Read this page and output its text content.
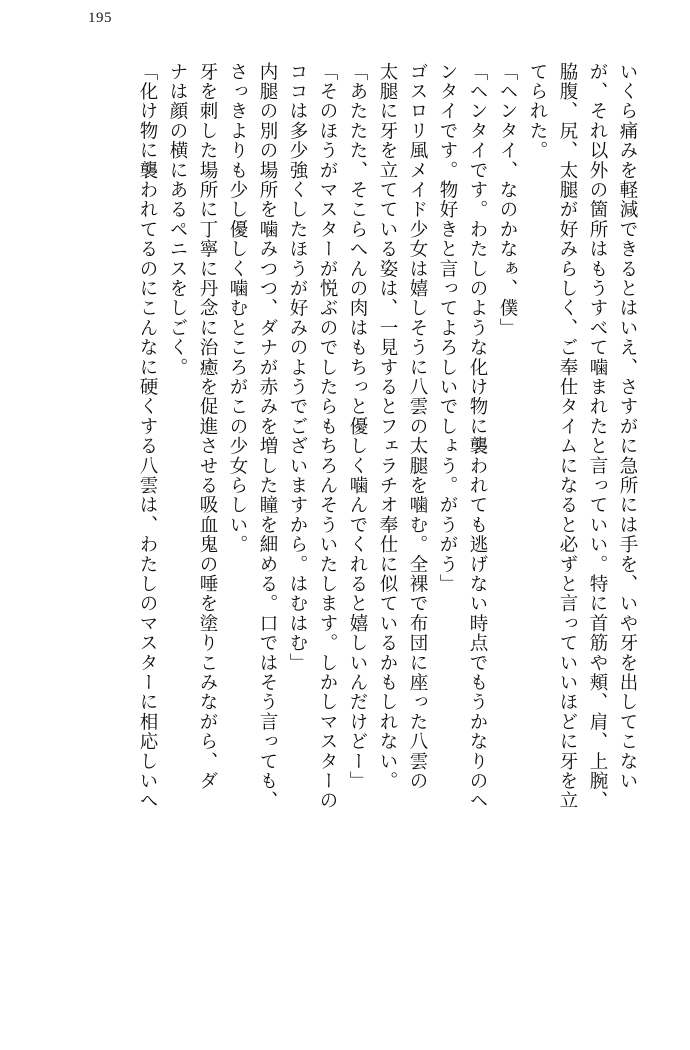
195
いくら痛みを軽減できるとはいえ、さすがに急所には手を、いや牙を出してこない
が、それ以外の箇所はもうすべて噛まれたと言っていい。特に首筋や頬、肩、上腕、
脇腹、尻、太腿が好みらしく、ご奉仕タイムになると必ずと言っていいほどに牙を立
てられた。
「ヘンタイ、なのかなぁ、僕」
「ヘンタイです。わたしのような化け物に襲われても逃げない時点でもうかなりのヘ
ンタイです。物好きと言ってよろしいでしょう。がうがう」
ゴスロリ風メイド少女は嬉しそうに八雲の太腿を噛む。全裸で布団に座った八雲の
太腿に牙を立てている姿は、一見するとフェラチオ奉仕に似ているかもしれない。
「あたたた、そこらへんの肉はもちっと優しく噛んでくれると嬉しいんだけどー」
「そのほうがマスターが悦ぶのでしたらもちろんそういたします。しかしマスターの
ココは多少強くしたほうが好みのようでございますから。はむはむ」
内腿の別の場所を噛みつつ、ダナが赤みを増した瞳を細める。口ではそう言っても、
さっきよりも少し優しく噛むところがこの少女らしい。
牙を刺した場所に丁寧に丹念に治癒を促進させる吸血鬼の唾を塗りこみながら、ダ
ナは顔の横にあるペニスをしごく。
「化け物に襲われてるのにこんなに硬くする八雲は、わたしのマスターに相応しいへ
